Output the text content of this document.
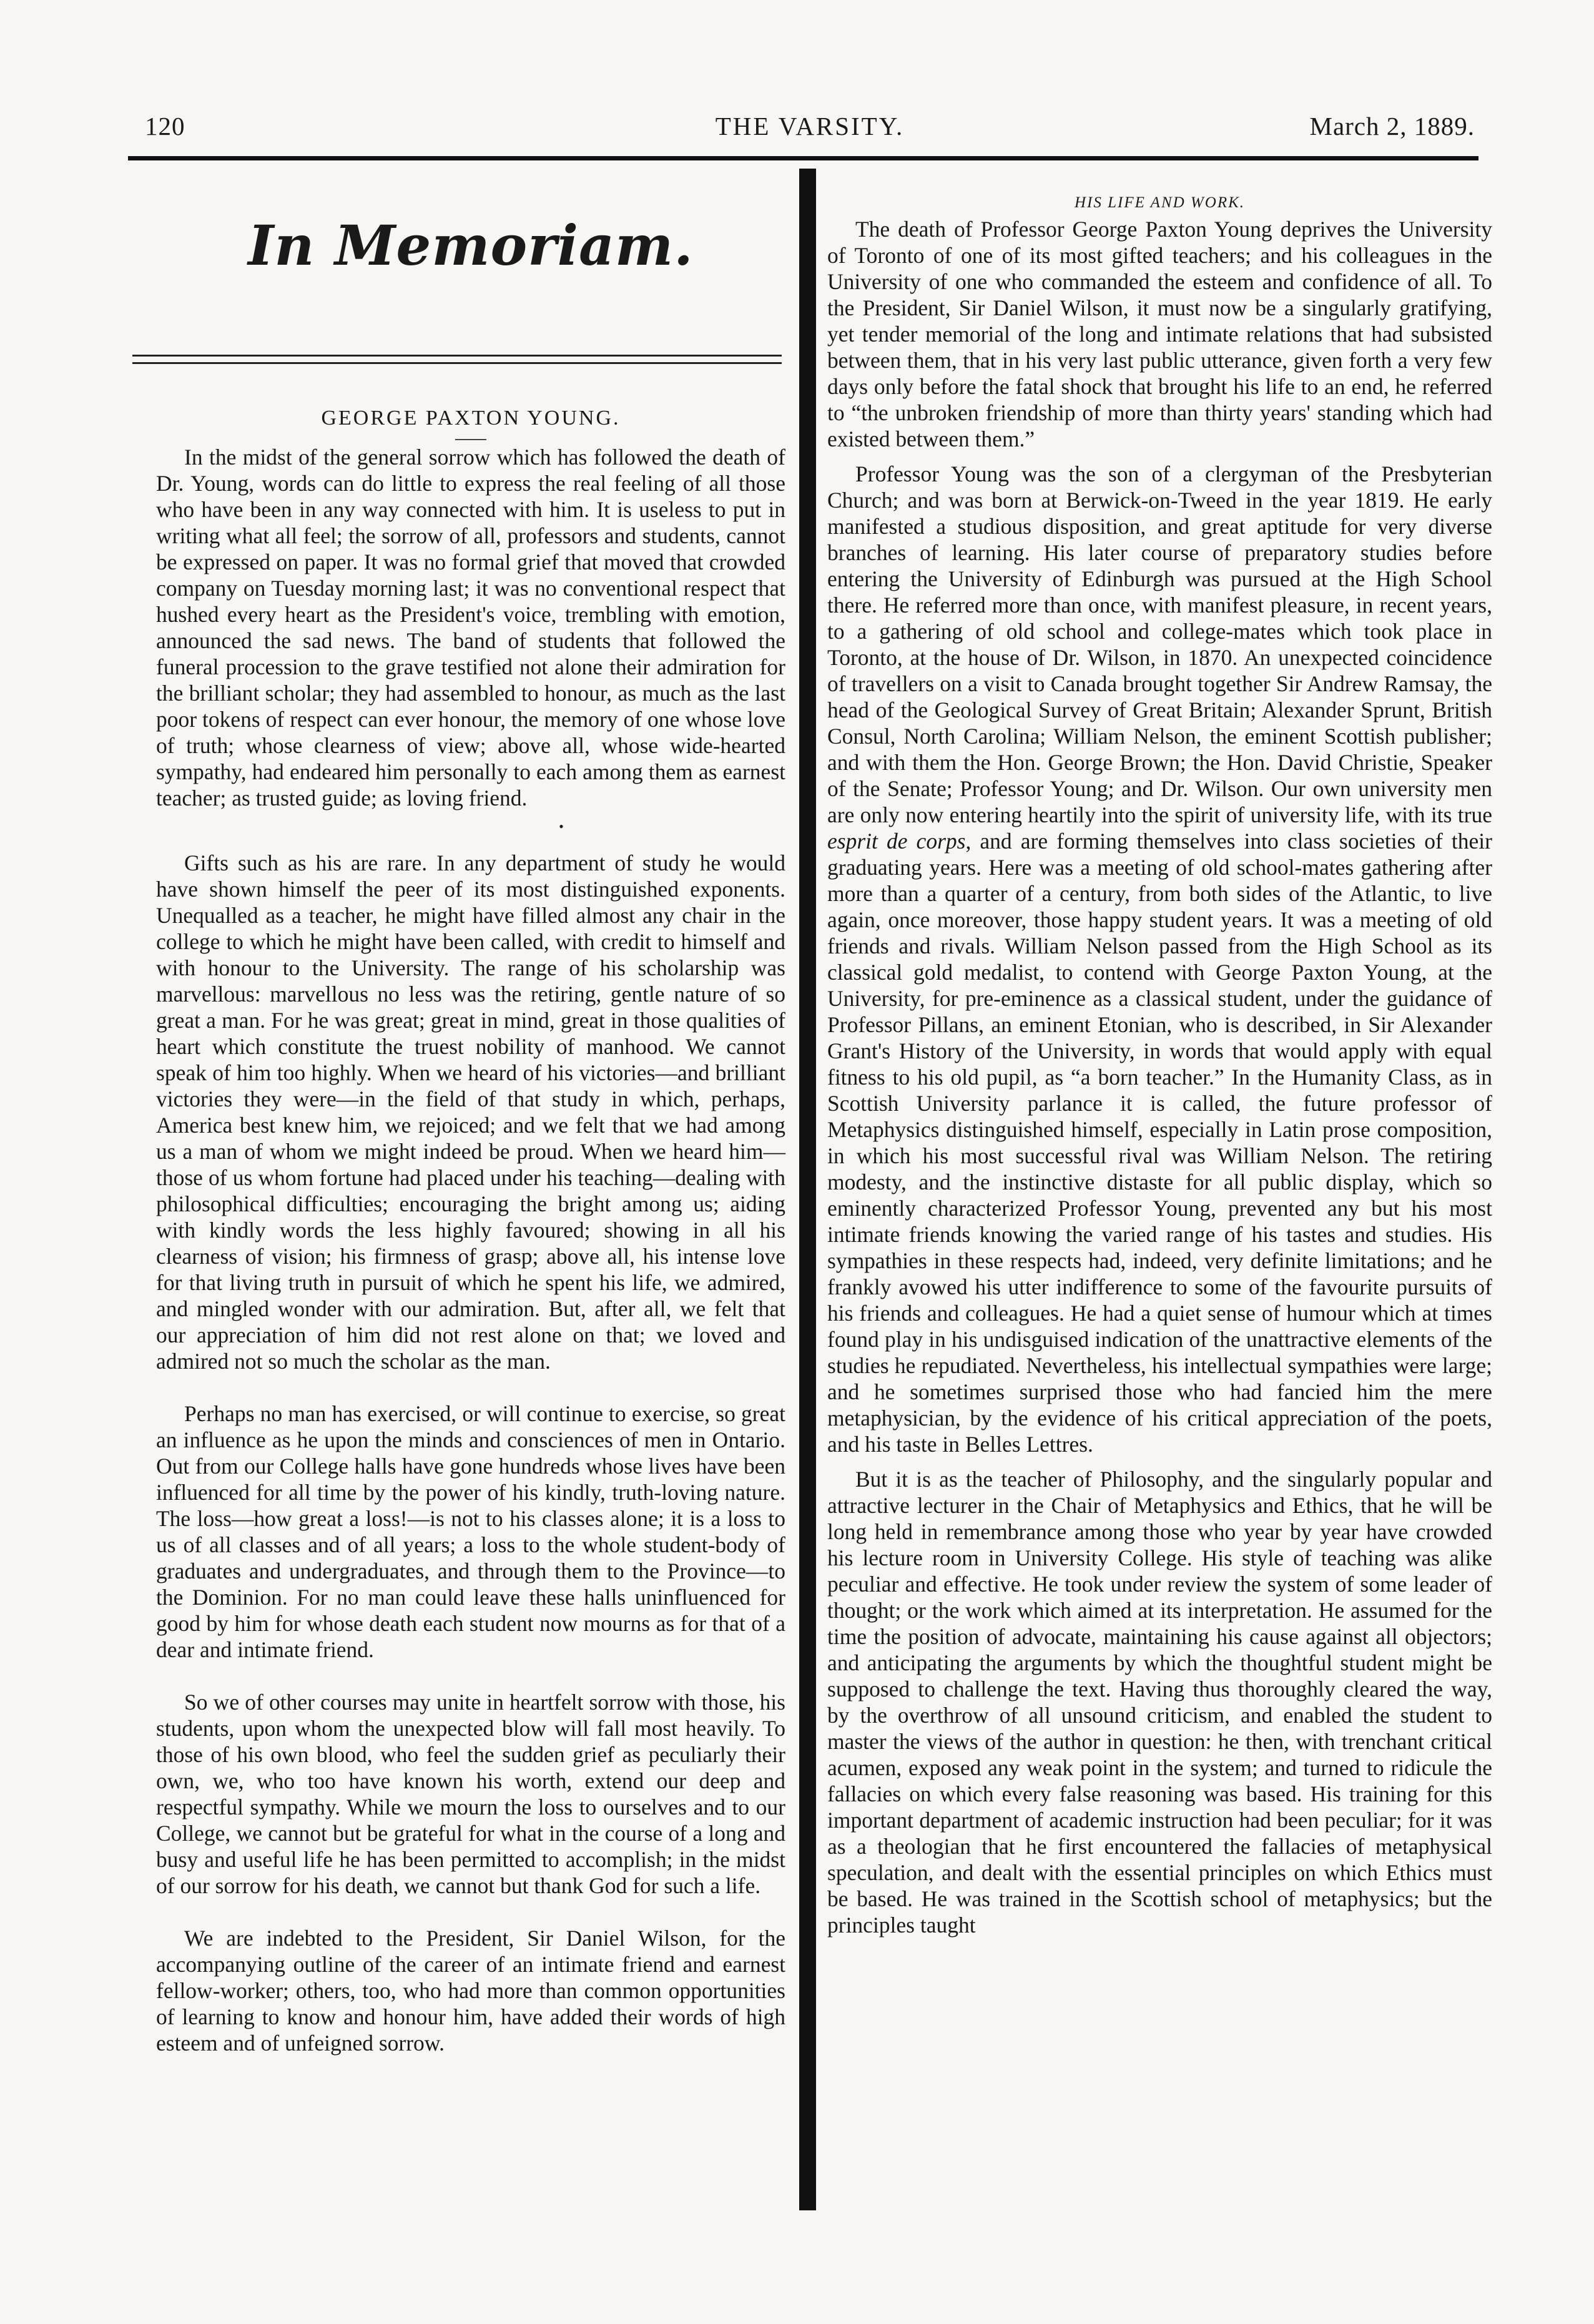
120	THE VARSITY.	March 2, 1889.
In Memoriam.
GEORGE PAXTON YOUNG.

In the midst of the general sorrow which has followed the death of Dr. Young, words can do little to express the real feeling of all those who have been in any way connected with him. It is useless to put in writing what all feel; the sorrow of all, professors and students, cannot be expressed on paper. It was no formal grief that moved that crowded company on Tuesday morning last; it was no conventional respect that hushed every heart as the President's voice, trembling with emotion, announced the sad news. The band of students that followed the funeral procession to the grave testified not alone their admiration for the brilliant scholar; they had assembled to honour, as much as the last poor tokens of respect can ever honour, the memory of one whose love of truth; whose clearness of view; above all, whose wide-hearted sympathy, had endeared him personally to each among them as earnest teacher; as trusted guide; as loving friend.

•

Gifts such as his are rare. In any department of study he would have shown himself the peer of its most distinguished exponents. Unequalled as a teacher, he might have filled almost any chair in the college to which he might have been called, with credit to himself and with honour to the University. The range of his scholarship was marvellous: marvellous no less was the retiring, gentle nature of so great a man. For he was great; great in mind, great in those qualities of heart which constitute the truest nobility of manhood. We cannot speak of him too highly. When we heard of his victories—and brilliant victories they were—in the field of that study in which, perhaps, America best knew him, we rejoiced; and we felt that we had among us a man of whom we might indeed be proud. When we heard him—those of us whom fortune had placed under his teaching—dealing with philosophical difficulties; encouraging the bright among us; aiding with kindly words the less highly favoured; showing in all his clearness of vision; his firmness of grasp; above all, his intense love for that living truth in pursuit of which he spent his life, we admired, and mingled wonder with our admiration. But, after all, we felt that our appreciation of him did not rest alone on that; we loved and admired not so much the scholar as the man.

Perhaps no man has exercised, or will continue to exercise, so great an influence as he upon the minds and consciences of men in Ontario. Out from our College halls have gone hundreds whose lives have been influenced for all time by the power of his kindly, truth-loving nature. The loss—how great a loss!—is not to his classes alone; it is a loss to us of all classes and of all years; a loss to the whole student-body of graduates and undergraduates, and through them to the Province—to the Dominion. For no man could leave these halls uninfluenced for good by him for whose death each student now mourns as for that of a dear and intimate friend.

So we of other courses may unite in heartfelt sorrow with those, his students, upon whom the unexpected blow will fall most heavily. To those of his own blood, who feel the sudden grief as peculiarly their own, we, who too have known his worth, extend our deep and respectful sympathy. While we mourn the loss to ourselves and to our College, we cannot but be grateful for what in the course of a long and busy and useful life he has been permitted to accomplish; in the midst of our sorrow for his death, we cannot but thank God for such a life.

We are indebted to the President, Sir Daniel Wilson, for the accompanying outline of the career of an intimate friend and earnest fellow-worker; others, too, who had more than common opportunities of learning to know and honour him, have added their words of high esteem and of unfeigned sorrow.

HIS LIFE AND WORK.

The death of Professor George Paxton Young deprives the University of Toronto of one of its most gifted teachers; and his colleagues in the University of one who commanded the esteem and confidence of all. To the President, Sir Daniel Wilson, it must now be a singularly gratifying, yet tender memorial of the long and intimate relations that had subsisted between them, that in his very last public utterance, given forth a very few days only before the fatal shock that brought his life to an end, he referred to “the unbroken friendship of more than thirty years' standing which had existed between them.”

Professor Young was the son of a clergyman of the Presbyterian Church; and was born at Berwick-on-Tweed in the year 1819. He early manifested a studious disposition, and great aptitude for very diverse branches of learning. His later course of preparatory studies before entering the University of Edinburgh was pursued at the High School there. He referred more than once, with manifest pleasure, in recent years, to a gathering of old school and college-mates which took place in Toronto, at the house of Dr. Wilson, in 1870. An unexpected coincidence of travellers on a visit to Canada brought together Sir Andrew Ramsay, the head of the Geological Survey of Great Britain; Alexander Sprunt, British Consul, North Carolina; William Nelson, the eminent Scottish publisher; and with them the Hon. George Brown; the Hon. David Christie, Speaker of the Senate; Professor Young; and Dr. Wilson. Our own university men are only now entering heartily into the spirit of university life, with its true esprit de corps, and are forming themselves into class societies of their graduating years. Here was a meeting of old school-mates gathering after more than a quarter of a century, from both sides of the Atlantic, to live again, once moreover, those happy student years. It was a meeting of old friends and rivals. William Nelson passed from the High School as its classical gold medalist, to contend with George Paxton Young, at the University, for pre-eminence as a classical student, under the guidance of Professor Pillans, an eminent Etonian, who is described, in Sir Alexander Grant's History of the University, in words that would apply with equal fitness to his old pupil, as “a born teacher.” In the Humanity Class, as in Scottish University parlance it is called, the future professor of Metaphysics distinguished himself, especially in Latin prose composition, in which his most successful rival was William Nelson. The retiring modesty, and the instinctive distaste for all public display, which so eminently characterized Professor Young, prevented any but his most intimate friends knowing the varied range of his tastes and studies. His sympathies in these respects had, indeed, very definite limitations; and he frankly avowed his utter indifference to some of the favourite pursuits of his friends and colleagues. He had a quiet sense of humour which at times found play in his undisguised indication of the unattractive elements of the studies he repudiated. Nevertheless, his intellectual sympathies were large; and he sometimes surprised those who had fancied him the mere metaphysician, by the evidence of his critical appreciation of the poets, and his taste in Belles Lettres.

But it is as the teacher of Philosophy, and the singularly popular and attractive lecturer in the Chair of Metaphysics and Ethics, that he will be long held in remembrance among those who year by year have crowded his lecture room in University College. His style of teaching was alike peculiar and effective. He took under review the system of some leader of thought; or the work which aimed at its interpretation. He assumed for the time the position of advocate, maintaining his cause against all objectors; and anticipating the arguments by which the thoughtful student might be supposed to challenge the text. Having thus thoroughly cleared the way, by the overthrow of all unsound criticism, and enabled the student to master the views of the author in question: he then, with trenchant critical acumen, exposed any weak point in the system; and turned to ridicule the fallacies on which every false reasoning was based. His training for this important department of academic instruction had been peculiar; for it was as a theologian that he first encountered the fallacies of metaphysical speculation, and dealt with the essential principles on which Ethics must be based. He was trained in the Scottish school of metaphysics; but the principles taught
